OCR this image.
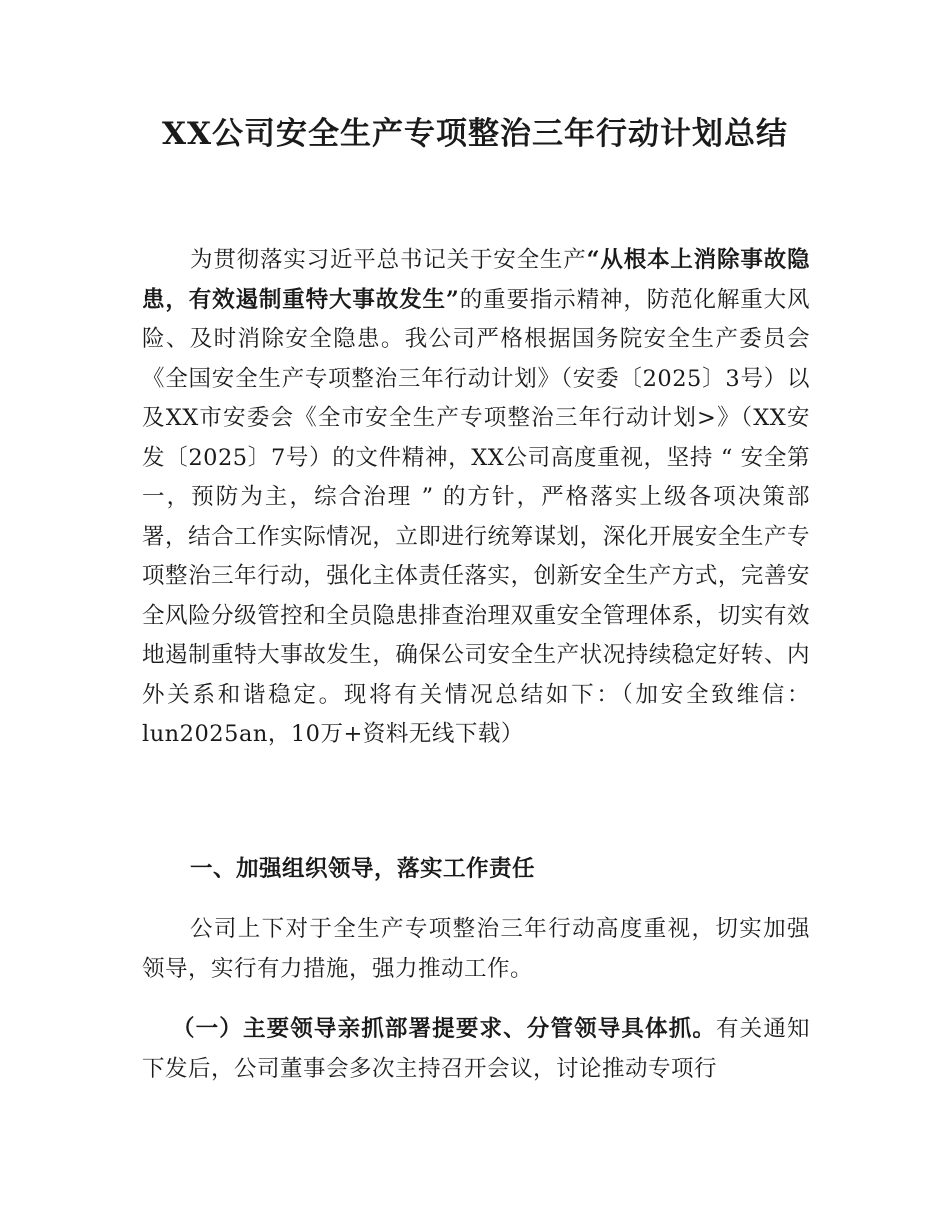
XX公司安全生产专项整治三年行动计划总结

为贯彻落实习近平总书记关于安全生产“从根本上消除事故隐患，有效遏制重特大事故发生”的重要指示精神，防范化解重大风险、及时消除安全隐患。我公司严格根据国务院安全生产委员会《全国安全生产专项整治三年行动计划》（安委〔2025〕3号）以及XX市安委会《全市安全生产专项整治三年行动计划>》（XX安发〔2025〕7号）的文件精神，XX公司高度重视，坚持 “ 安全第一，预防为主，综合治理 ” 的方针，严格落实上级各项决策部署，结合工作实际情况，立即进行统筹谋划，深化开展安全生产专项整治三年行动，强化主体责任落实，创新安全生产方式，完善安全风险分级管控和全员隐患排查治理双重安全管理体系，切实有效地遏制重特大事故发生，确保公司安全生产状况持续稳定好转、内外关系和谐稳定。现将有关情况总结如下：（加安全致维信：lun2025an，10万+资料无线下载）

一、加强组织领导，落实工作责任

公司上下对于全生产专项整治三年行动高度重视，切实加强领导，实行有力措施，强力推动工作。

（一）主要领导亲抓部署提要求、分管领导具体抓。有关通知下发后，公司董事会多次主持召开会议，讨论推动专项行
